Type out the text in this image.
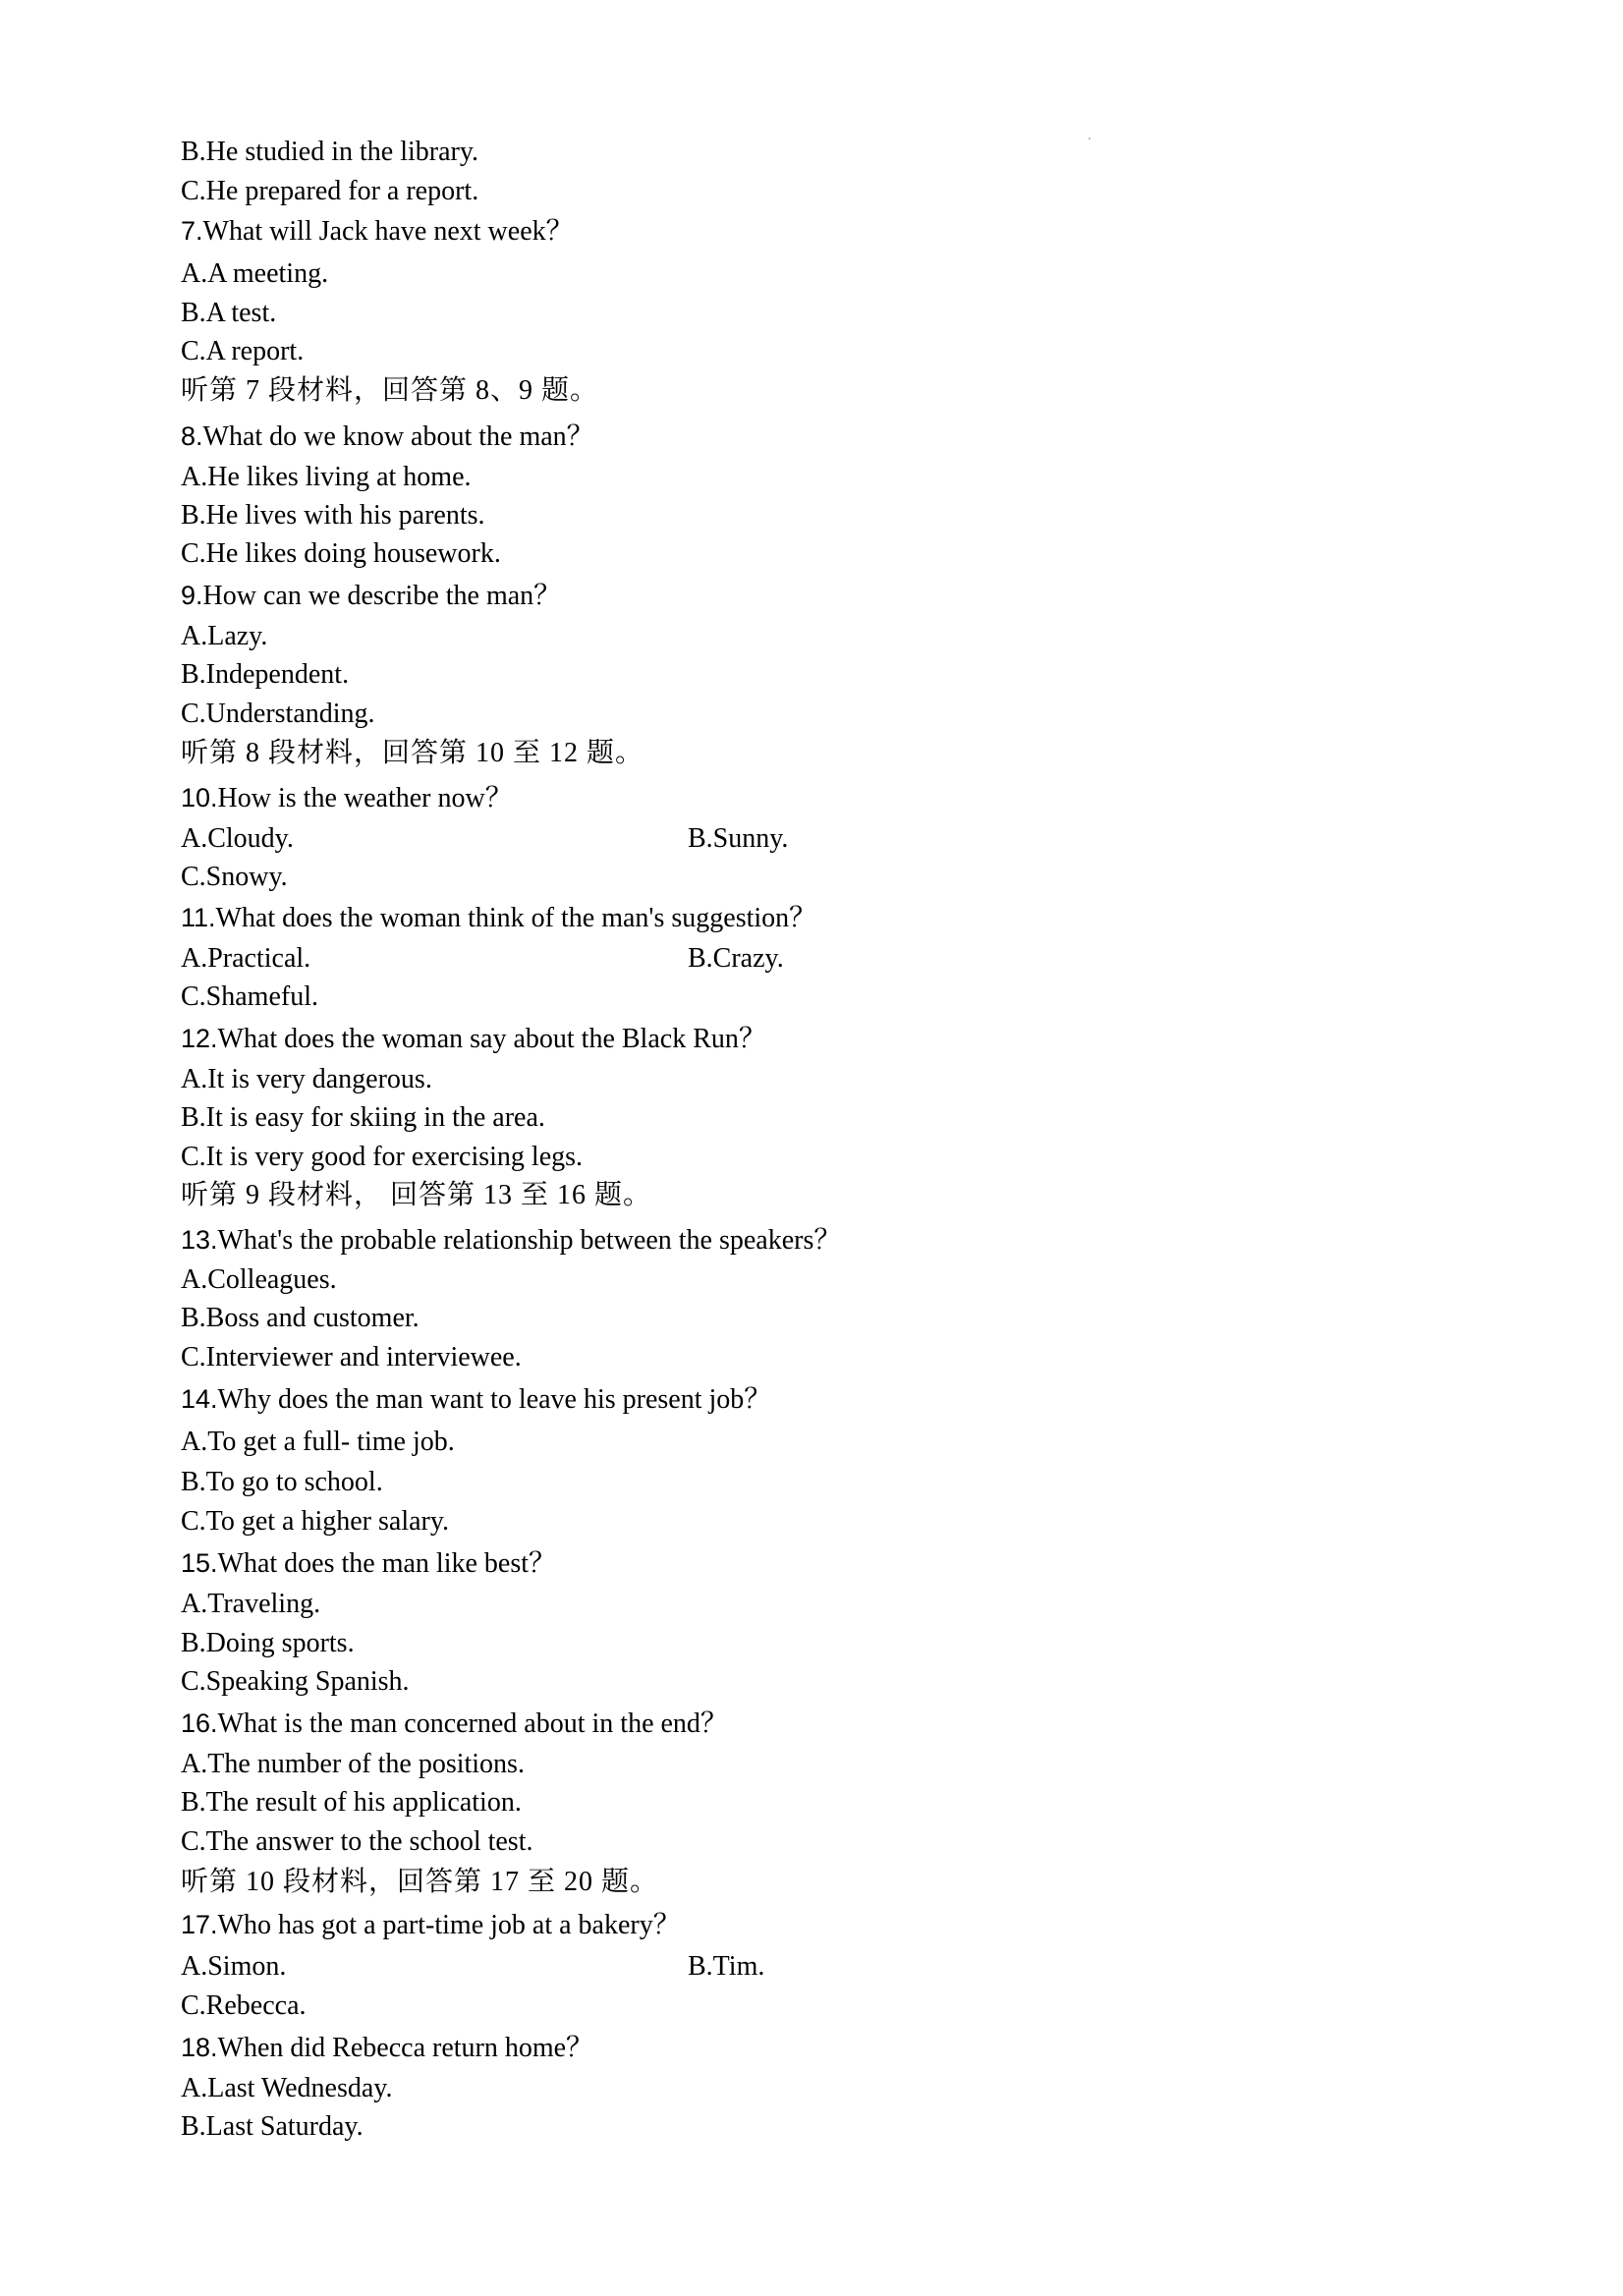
B.He studied in the library.
C.He prepared for a report.
7.What will Jack have next week？
A.A meeting.
B.A test.
C.A report.
听第 7 段材料，回答第 8、9 题。
8.What do we know about the man？
A.He likes living at home.
B.He lives with his parents.
C.He likes doing housework.
9.How can we describe the man？
A.Lazy.
B.Independent.
C.Understanding.
听第 8 段材料，回答第 10 至 12 题。
10.How is the weather now？
A.Cloudy.	B.Sunny.
C.Snowy.
11.What does the woman think of the man's suggestion？
A.Practical.	B.Crazy.
C.Shameful.
12.What does the woman say about the Black Run？
A.It is very dangerous.
B.It is easy for skiing in the area.
C.It is very good for exercising legs.
听第 9 段材料， 回答第 13 至 16 题。
13.What's the probable relationship between the speakers？
A.Colleagues.
B.Boss and customer.
C.Interviewer and interviewee.
14.Why does the man want to leave his present job？
A.To get a full- time job.
B.To go to school.
C.To get a higher salary.
15.What does the man like best？
A.Traveling.
B.Doing sports.
C.Speaking Spanish.
16.What is the man concerned about in the end？
A.The number of the positions.
B.The result of his application.
C.The answer to the school test.
听第 10 段材料，回答第 17 至 20 题。
17.Who has got a part-time job at a bakery？
A.Simon.	B.Tim.
C.Rebecca.
18.When did Rebecca return home？
A.Last Wednesday.
B.Last Saturday.
